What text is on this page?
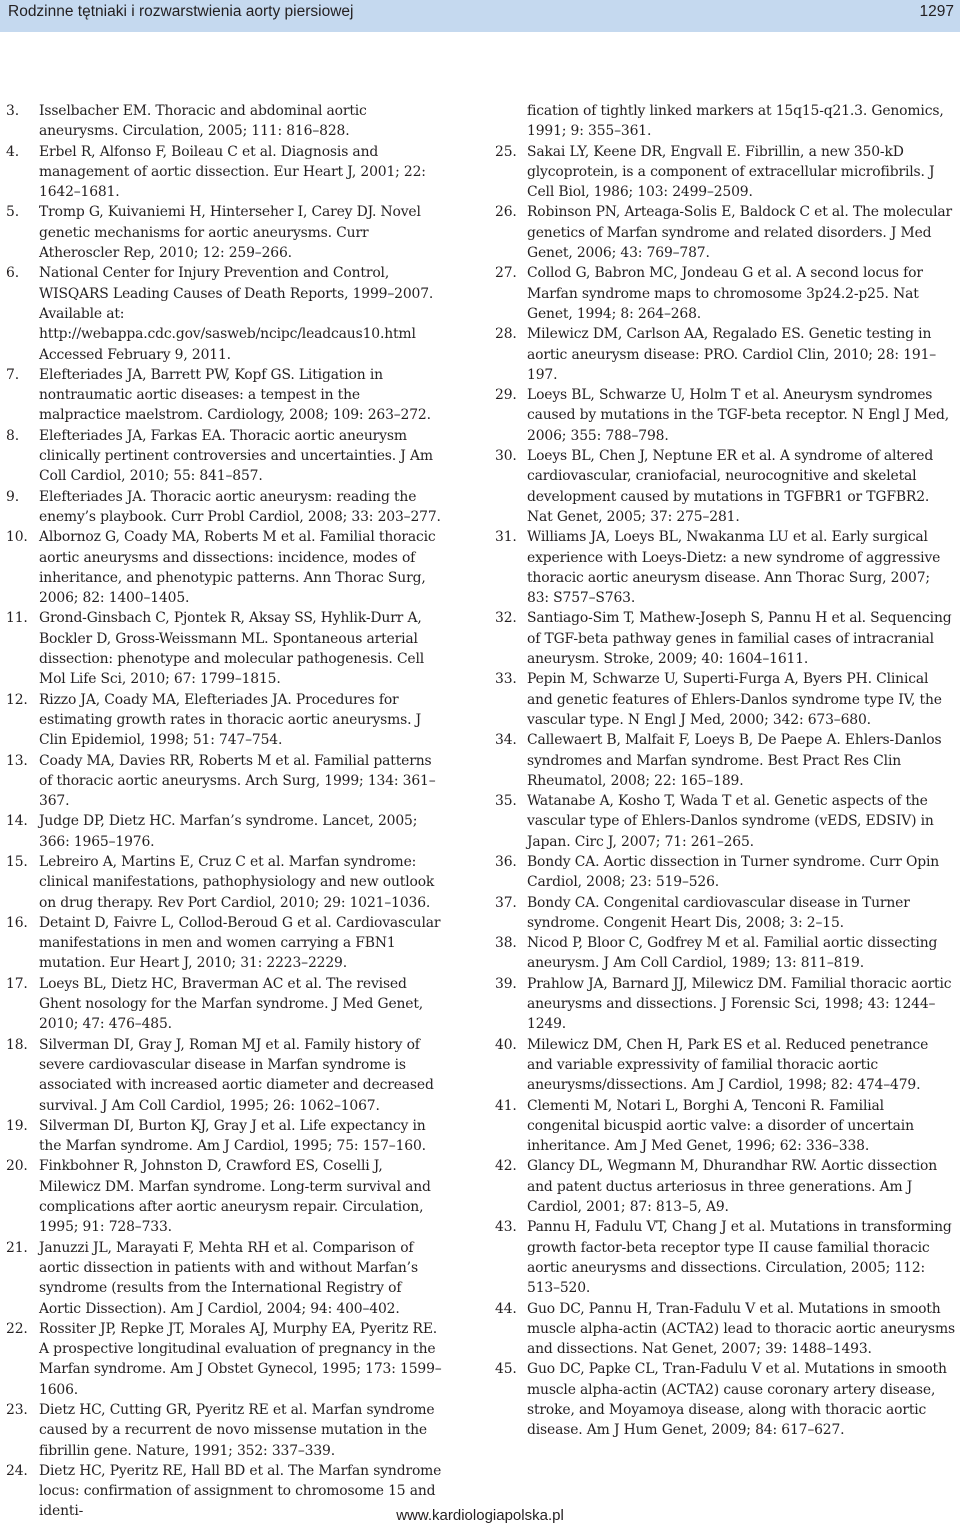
Rodzinne tętniaki i rozwarstwienia aorty piersiowej	1297
3. Isselbacher EM. Thoracic and abdominal aortic aneurysms. Circulation, 2005; 111: 816–828.
4. Erbel R, Alfonso F, Boileau C et al. Diagnosis and management of aortic dissection. Eur Heart J, 2001; 22: 1642–1681.
5. Tromp G, Kuivaniemi H, Hinterseher I, Carey DJ. Novel genetic mechanisms for aortic aneurysms. Curr Atheroscler Rep, 2010; 12: 259–266.
6. National Center for Injury Prevention and Control, WISQARS Leading Causes of Death Reports, 1999–2007. Available at: http://webappa.cdc.gov/sasweb/ncipc/leadcaus10.html Accessed February 9, 2011.
7. Elefteriades JA, Barrett PW, Kopf GS. Litigation in nontraumatic aortic diseases: a tempest in the malpractice maelstrom. Cardiology, 2008; 109: 263–272.
8. Elefteriades JA, Farkas EA. Thoracic aortic aneurysm clinically pertinent controversies and uncertainties. J Am Coll Cardiol, 2010; 55: 841–857.
9. Elefteriades JA. Thoracic aortic aneurysm: reading the enemy’s playbook. Curr Probl Cardiol, 2008; 33: 203–277.
10. Albornoz G, Coady MA, Roberts M et al. Familial thoracic aortic aneurysms and dissections: incidence, modes of inheritance, and phenotypic patterns. Ann Thorac Surg, 2006; 82: 1400–1405.
11. Grond-Ginsbach C, Pjontek R, Aksay SS, Hyhlik-Durr A, Bockler D, Gross-Weissmann ML. Spontaneous arterial dissection: phenotype and molecular pathogenesis. Cell Mol Life Sci, 2010; 67: 1799–1815.
12. Rizzo JA, Coady MA, Elefteriades JA. Procedures for estimating growth rates in thoracic aortic aneurysms. J Clin Epidemiol, 1998; 51: 747–754.
13. Coady MA, Davies RR, Roberts M et al. Familial patterns of thoracic aortic aneurysms. Arch Surg, 1999; 134: 361–367.
14. Judge DP, Dietz HC. Marfan’s syndrome. Lancet, 2005; 366: 1965–1976.
15. Lebreiro A, Martins E, Cruz C et al. Marfan syndrome: clinical manifestations, pathophysiology and new outlook on drug therapy. Rev Port Cardiol, 2010; 29: 1021–1036.
16. Detaint D, Faivre L, Collod-Beroud G et al. Cardiovascular manifestations in men and women carrying a FBN1 mutation. Eur Heart J, 2010; 31: 2223–2229.
17. Loeys BL, Dietz HC, Braverman AC et al. The revised Ghent nosology for the Marfan syndrome. J Med Genet, 2010; 47: 476–485.
18. Silverman DI, Gray J, Roman MJ et al. Family history of severe cardiovascular disease in Marfan syndrome is associated with increased aortic diameter and decreased survival. J Am Coll Cardiol, 1995; 26: 1062–1067.
19. Silverman DI, Burton KJ, Gray J et al. Life expectancy in the Marfan syndrome. Am J Cardiol, 1995; 75: 157–160.
20. Finkbohner R, Johnston D, Crawford ES, Coselli J, Milewicz DM. Marfan syndrome. Long-term survival and complications after aortic aneurysm repair. Circulation, 1995; 91: 728–733.
21. Januzzi JL, Marayati F, Mehta RH et al. Comparison of aortic dissection in patients with and without Marfan’s syndrome (results from the International Registry of Aortic Dissection). Am J Cardiol, 2004; 94: 400–402.
22. Rossiter JP, Repke JT, Morales AJ, Murphy EA, Pyeritz RE. A prospective longitudinal evaluation of pregnancy in the Marfan syndrome. Am J Obstet Gynecol, 1995; 173: 1599–1606.
23. Dietz HC, Cutting GR, Pyeritz RE et al. Marfan syndrome caused by a recurrent de novo missense mutation in the fibrillin gene. Nature, 1991; 352: 337–339.
24. Dietz HC, Pyeritz RE, Hall BD et al. The Marfan syndrome locus: confirmation of assignment to chromosome 15 and identi-
fication of tightly linked markers at 15q15-q21.3. Genomics, 1991; 9: 355–361.
25. Sakai LY, Keene DR, Engvall E. Fibrillin, a new 350-kD glycoprotein, is a component of extracellular microfibrils. J Cell Biol, 1986; 103: 2499–2509.
26. Robinson PN, Arteaga-Solis E, Baldock C et al. The molecular genetics of Marfan syndrome and related disorders. J Med Genet, 2006; 43: 769–787.
27. Collod G, Babron MC, Jondeau G et al. A second locus for Marfan syndrome maps to chromosome 3p24.2-p25. Nat Genet, 1994; 8: 264–268.
28. Milewicz DM, Carlson AA, Regalado ES. Genetic testing in aortic aneurysm disease: PRO. Cardiol Clin, 2010; 28: 191–197.
29. Loeys BL, Schwarze U, Holm T et al. Aneurysm syndromes caused by mutations in the TGF-beta receptor. N Engl J Med, 2006; 355: 788–798.
30. Loeys BL, Chen J, Neptune ER et al. A syndrome of altered cardiovascular, craniofacial, neurocognitive and skeletal development caused by mutations in TGFBR1 or TGFBR2. Nat Genet, 2005; 37: 275–281.
31. Williams JA, Loeys BL, Nwakanma LU et al. Early surgical experience with Loeys-Dietz: a new syndrome of aggressive thoracic aortic aneurysm disease. Ann Thorac Surg, 2007; 83: S757–S763.
32. Santiago-Sim T, Mathew-Joseph S, Pannu H et al. Sequencing of TGF-beta pathway genes in familial cases of intracranial aneurysm. Stroke, 2009; 40: 1604–1611.
33. Pepin M, Schwarze U, Superti-Furga A, Byers PH. Clinical and genetic features of Ehlers-Danlos syndrome type IV, the vascular type. N Engl J Med, 2000; 342: 673–680.
34. Callewaert B, Malfait F, Loeys B, De Paepe A. Ehlers-Danlos syndromes and Marfan syndrome. Best Pract Res Clin Rheumatol, 2008; 22: 165–189.
35. Watanabe A, Kosho T, Wada T et al. Genetic aspects of the vascular type of Ehlers-Danlos syndrome (vEDS, EDSIV) in Japan. Circ J, 2007; 71: 261–265.
36. Bondy CA. Aortic dissection in Turner syndrome. Curr Opin Cardiol, 2008; 23: 519–526.
37. Bondy CA. Congenital cardiovascular disease in Turner syndrome. Congenit Heart Dis, 2008; 3: 2–15.
38. Nicod P, Bloor C, Godfrey M et al. Familial aortic dissecting aneurysm. J Am Coll Cardiol, 1989; 13: 811–819.
39. Prahlow JA, Barnard JJ, Milewicz DM. Familial thoracic aortic aneurysms and dissections. J Forensic Sci, 1998; 43: 1244–1249.
40. Milewicz DM, Chen H, Park ES et al. Reduced penetrance and variable expressivity of familial thoracic aortic aneurysms/dissections. Am J Cardiol, 1998; 82: 474–479.
41. Clementi M, Notari L, Borghi A, Tenconi R. Familial congenital bicuspid aortic valve: a disorder of uncertain inheritance. Am J Med Genet, 1996; 62: 336–338.
42. Glancy DL, Wegmann M, Dhurandhar RW. Aortic dissection and patent ductus arteriosus in three generations. Am J Cardiol, 2001; 87: 813–5, A9.
43. Pannu H, Fadulu VT, Chang J et al. Mutations in transforming growth factor-beta receptor type II cause familial thoracic aortic aneurysms and dissections. Circulation, 2005; 112: 513–520.
44. Guo DC, Pannu H, Tran-Fadulu V et al. Mutations in smooth muscle alpha-actin (ACTA2) lead to thoracic aortic aneurysms and dissections. Nat Genet, 2007; 39: 1488–1493.
45. Guo DC, Papke CL, Tran-Fadulu V et al. Mutations in smooth muscle alpha-actin (ACTA2) cause coronary artery disease, stroke, and Moyamoya disease, along with thoracic aortic disease. Am J Hum Genet, 2009; 84: 617–627.
www.kardiologiapolska.pl
